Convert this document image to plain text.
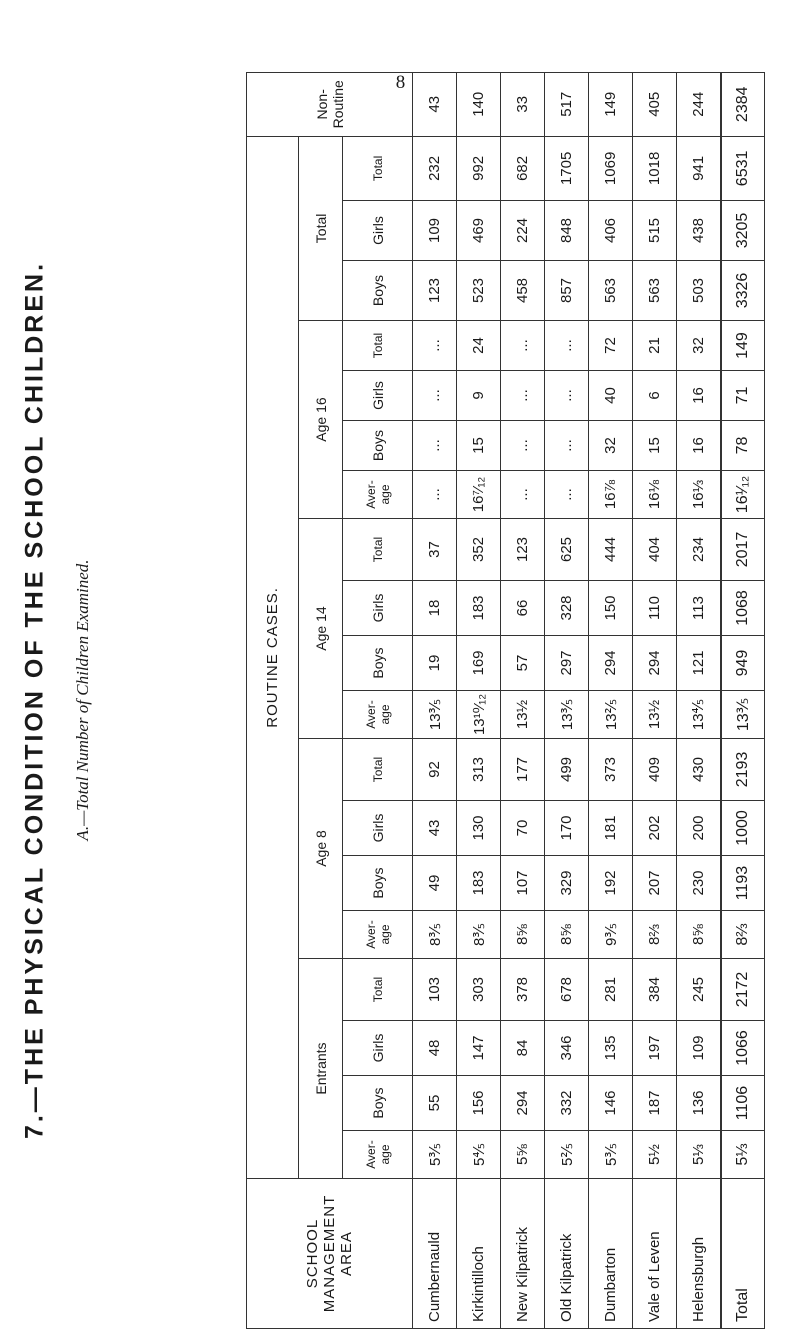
8
7.—THE PHYSICAL CONDITION OF THE SCHOOL CHILDREN. A.—Total Number of Children Examined.
SCHOOL MANAGEMENT AREA	ROUTINE CASES.																			Non-Routine
	Entrants				Age 8				Age 14				Age 16				Total			
	Aver-age	Boys	Girls	Total	Aver-age	Boys	Girls	Total	Aver-age	Boys	Girls	Total	Aver-age	Boys	Girls	Total	Boys	Girls	Total	
Cumbernauld	5⅗	55	48	103	8⅗	49	43	92	13⅗	19	18	37	...	...	...	...	123	109	232	43
Kirkintilloch	5⅘	156	147	303	8⅗	183	130	313	13¹⁰⁄₁₂	169	183	352	16⁷⁄₁₂	15	9	24	523	469	992	140
New Kilpatrick	5⅝	294	84	378	8⅝	107	70	177	13½	57	66	123	...	...	...	...	458	224	682	33
Old Kilpatrick	5⅖	332	346	678	8⅝	329	170	499	13⅗	297	328	625	...	...	...	...	857	848	1705	517
Dumbarton	5⅗	146	135	281	9⅗	192	181	373	13⅖	294	150	444	16⅞	32	40	72	563	406	1069	149
Vale of Leven	5½	187	197	384	8⅔	207	202	409	13½	294	110	404	16⅛	15	6	21	563	515	1018	405
Helensburgh	5⅓	136	109	245	8⅝	230	200	430	13⅘	121	113	234	16⅓	16	16	32	503	438	941	244
Total	5⅓	1106	1066	2172	8⅔	1193	1000	2193	13⅗	949	1068	2017	16¹⁄₁₂	78	71	149	3326	3205	6531	2384
